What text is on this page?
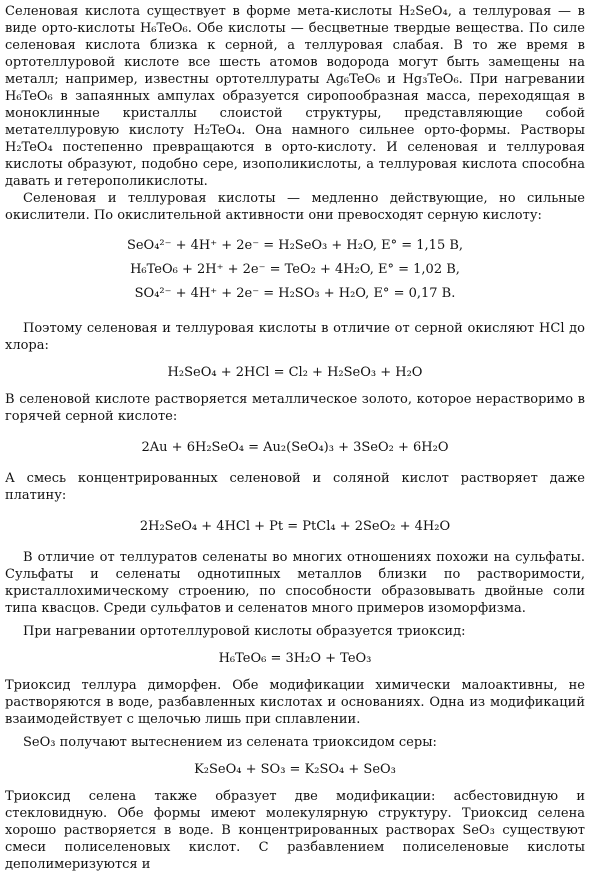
Селеновая кислота существует в форме мета-кислоты H₂SeO₄, а теллуровая — в виде орто-кислоты H₆TeO₆. Обе кислоты — бесцветные твердые вещества. По силе селеновая кислота близка к серной, а теллуровая слабая. В то же время в ортотеллуровой кислоте все шесть атомов водорода могут быть замещены на металл; например, известны ортотеллураты Ag₆TeO₆ и Hg₃TeO₆. При нагревании H₆TeO₆ в запаянных ампулах образуется сиропообразная масса, переходящая в моноклинные кристаллы слоистой структуры, представляющие собой метателлуровую кислоту H₂TeO₄. Она намного сильнее орто-формы. Растворы H₂TeO₄ постепенно превращаются в орто-кислоту. И селеновая и теллуровая кислоты образуют, подобно сере, изополикислоты, а теллуровая кислота способна давать и гетерополикислоты.

Селеновая и теллуровая кислоты — медленно действующие, но сильные окислители. По окислительной активности они превосходят серную кислоту:

SeO₄²⁻ + 4H⁺ + 2e⁻ = H₂SeO₃ + H₂O, E° = 1,15 В,

H₆TeO₆ + 2H⁺ + 2e⁻ = TeO₂ + 4H₂O, E° = 1,02 В,

SO₄²⁻ + 4H⁺ + 2e⁻ = H₂SO₃ + H₂O, E° = 0,17 В.

Поэтому селеновая и теллуровая кислоты в отличие от серной окисляют HCl до хлора:

H₂SeO₄ + 2HCl = Cl₂ + H₂SeO₃ + H₂O

В селеновой кислоте растворяется металлическое золото, которое нерастворимо в горячей серной кислоте:

2Au + 6H₂SeO₄ = Au₂(SeO₄)₃ + 3SeO₂ + 6H₂O

А смесь концентрированных селеновой и соляной кислот растворяет даже платину:

2H₂SeO₄ + 4HCl + Pt = PtCl₄ + 2SeO₂ + 4H₂O

В отличие от теллуратов селенаты во многих отношениях похожи на сульфаты. Сульфаты и селенаты однотипных металлов близки по растворимости, кристаллохимическому строению, по способности образовывать двойные соли типа квасцов. Среди сульфатов и селенатов много примеров изоморфизма.

При нагревании ортотеллуровой кислоты образуется триоксид:

H₆TeO₆ = 3H₂O + TeO₃

Триоксид теллура диморфен. Обе модификации химически малоактивны, не растворяются в воде, разбавленных кислотах и основаниях. Одна из модификаций взаимодействует с щелочью лишь при сплавлении.

SeO₃ получают вытеснением из селената триоксидом серы:

K₂SeO₄ + SO₃ = K₂SO₄ + SeO₃

Триоксид селена также образует две модификации: асбестовидную и стекловидную. Обе формы имеют молекулярную структуру. Триоксид селена хорошо растворяется в воде. В концентрированных растворах SeO₃ существуют смеси полиселеновых кислот. С разбавлением полиселеновые кислоты деполимеризуются и
